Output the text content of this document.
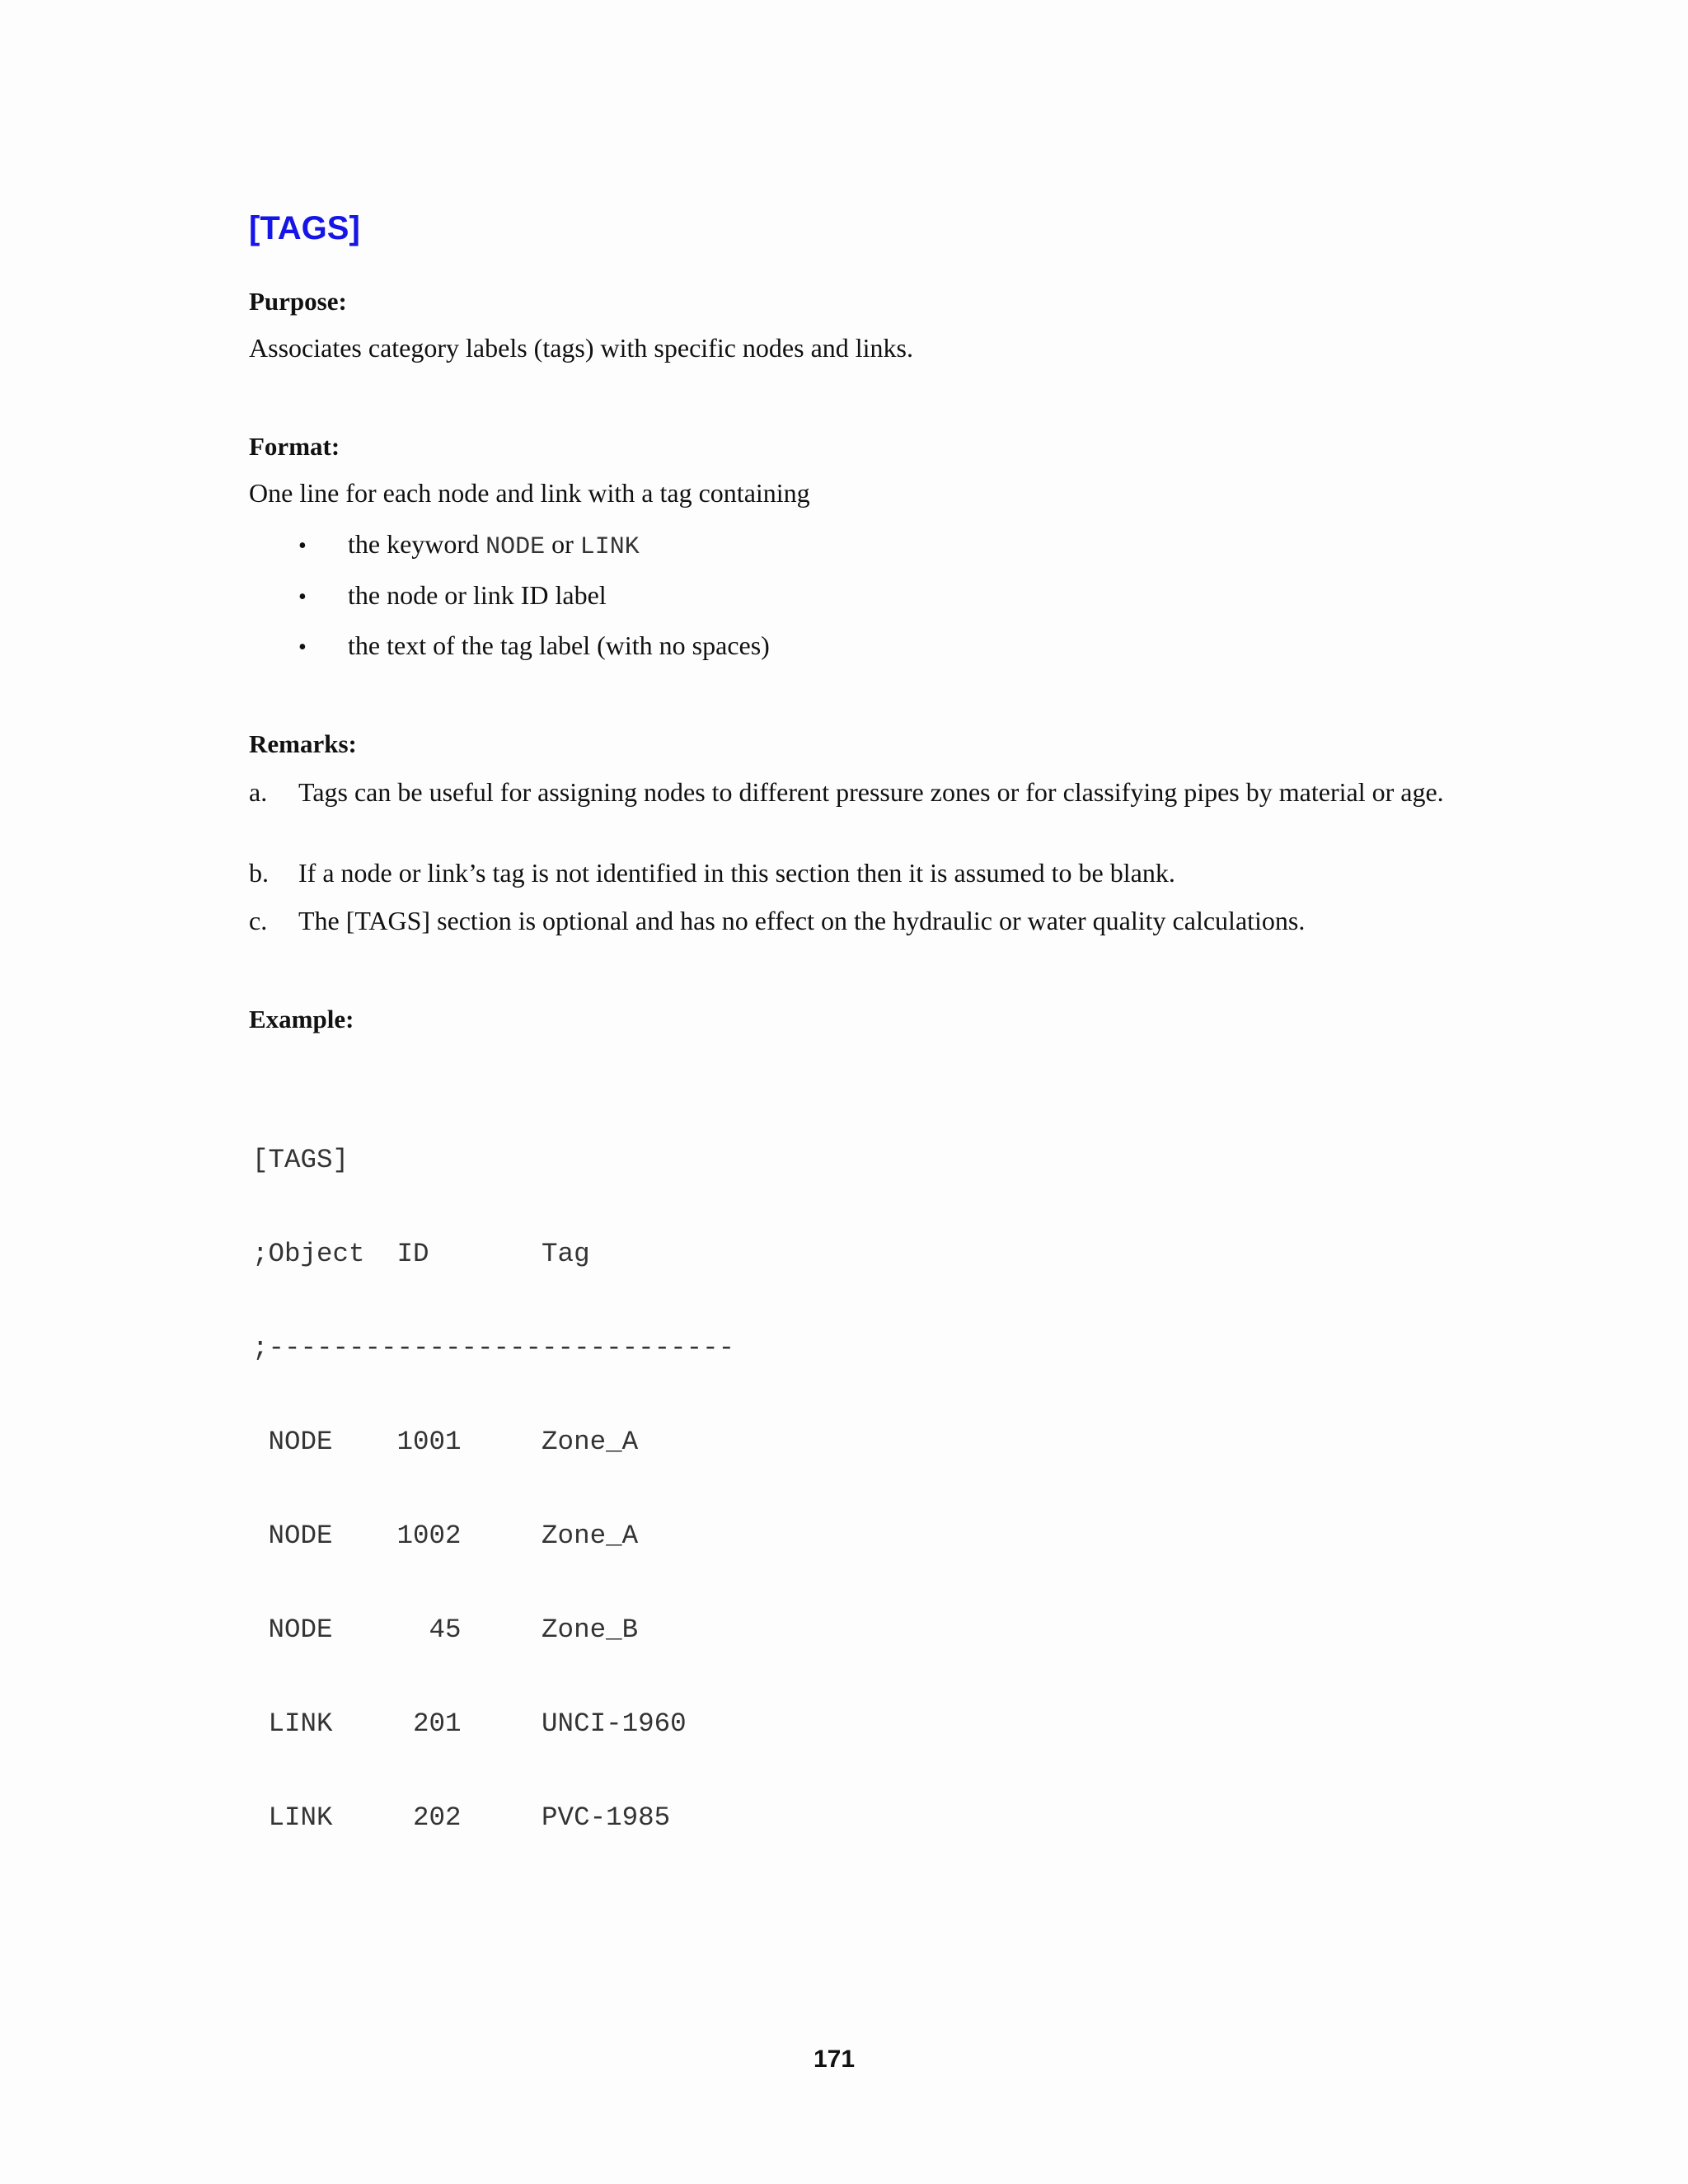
[TAGS]

Purpose:

Associates category labels (tags) with specific nodes and links.

Format:

One line for each node and link with a tag containing

• the keyword NODE or LINK
• the node or link ID label
• the text of the tag label (with no spaces)

Remarks:

a. Tags can be useful for assigning nodes to different pressure zones or for classifying pipes by material or age.
b. If a node or link’s tag is not identified in this section then it is assumed to be blank.
c. The [TAGS] section is optional and has no effect on the hydraulic or water quality calculations.

Example:

[TAGS]

;Object  ID       Tag

;-----------------------------

NODE    1001     Zone_A

NODE    1002     Zone_A

NODE      45     Zone_B

LINK     201     UNCI-1960

LINK     202     PVC-1985

171
